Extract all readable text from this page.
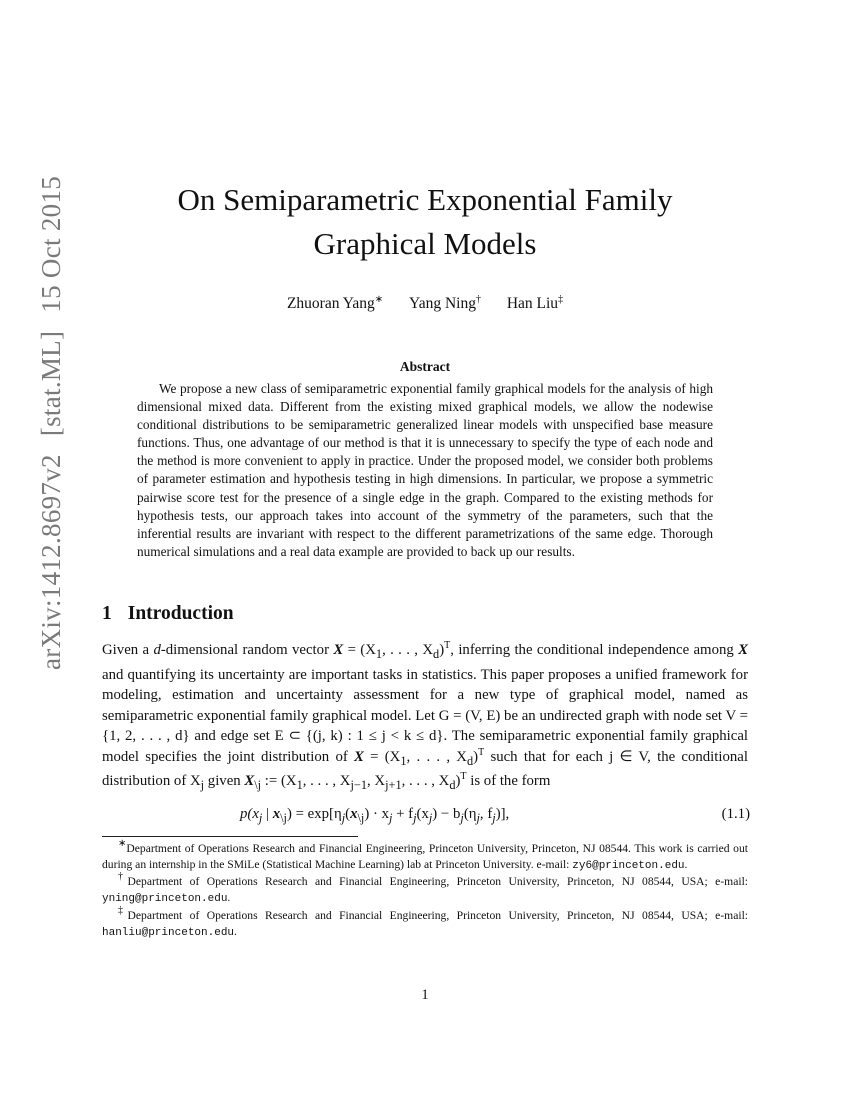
arXiv:1412.8697v2[stat.ML]15 Oct 2015	On Semiparametric Exponential Family
Graphical Models
Zhuoran Yang∗ Yang Ning† Han Liu‡
Abstract

We propose a new class of semiparametric exponential family graphical models for the analysis of high dimensional mixed data. Different from the existing mixed graphical models, we allow the nodewise conditional distributions to be semiparametric generalized linear models with unspecified base measure functions. Thus, one advantage of our method is that it is unnecessary to specify the type of each node and the method is more convenient to apply in practice. Under the proposed model, we consider both problems of parameter estimation and hypothesis testing in high dimensions. In particular, we propose a symmetric pairwise score test for the presence of a single edge in the graph. Compared to the existing methods for hypothesis tests, our approach takes into account of the symmetry of the parameters, such that the inferential results are invariant with respect to the different parametrizations of the same edge. Thorough numerical simulations and a real data example are provided to back up our results.

1 Introduction

Given a d-dimensional random vector $X = (X_1$, . . . , $X_d)^T$, inferring the conditional independence among X and quantifying its uncertainty are important tasks in statistics. This paper proposes a unified framework for modeling, estimation and uncertainty assessment for a new type of graphical model, named as semiparametric exponential family graphical model. Let G = (V, E) be an undirected graph with node set V = {1, 2, . . . , d} and edge set E ⊂ {(j, k) : 1 ≤ j < k ≤ d}. The semiparametric exponential family graphical model specifies the joint distribution of $X = (X_1$, . . . , $X_d)^T$ such that for each j ∈ V, the conditional distribution of $X_j$ given $X_{\backslash j}$ := ($X_1$, . . . , $X_{j-1}$, $X_{j+1}$, . . . , $X_d)^T$ is of the form

$p(x_j$ | $x_{\backslash j}) = \exp[\eta_j(x_{\backslash j}) \cdot x_j + f_j(x_j) - b_j(\eta_j$, $f_j$)],	(1.1)

∗Department of Operations Research and Financial Engineering, Princeton University, Princeton, NJ 08544. This work is carried out during an internship in the SMiLe (Statistical Machine Learning) lab at Princeton University. e-mail: zy6@princeton.edu.

†Department of Operations Research and Financial Engineering, Princeton University, Princeton, NJ 08544, USA; e-mail: yning@princeton.edu.

‡Department of Operations Research and Financial Engineering, Princeton University, Princeton, NJ 08544, USA; e-mail: hanliu@princeton.edu.

1
